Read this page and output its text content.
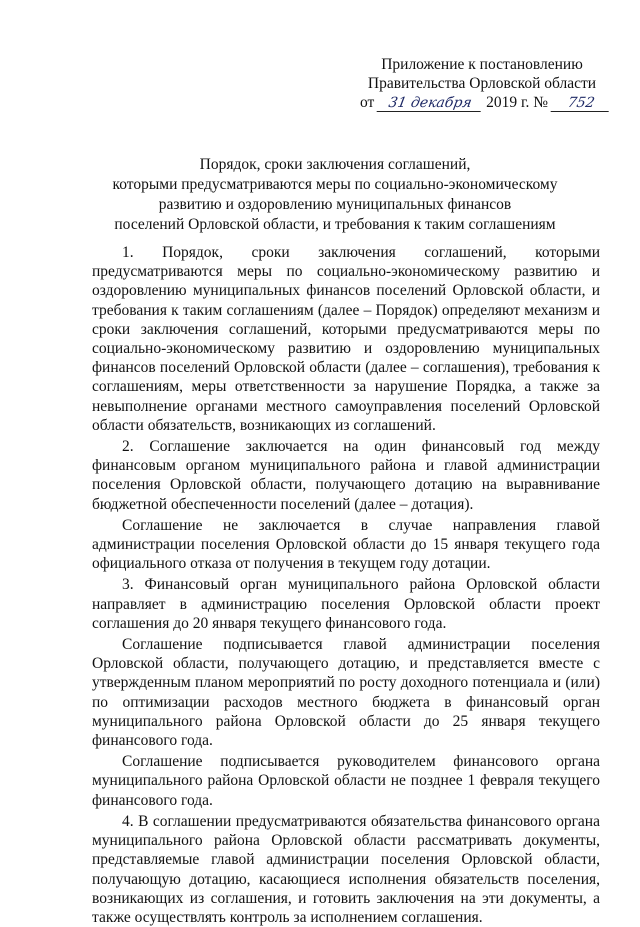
Приложение к постановлению
Правительства Орловской области
от 31 декабря 2019 г. № 752
Порядок, сроки заключения соглашений,
которыми предусматриваются меры по социально-экономическому
развитию и оздоровлению муниципальных финансов
поселений Орловской области, и требования к таким соглашениям

1. Порядок, сроки заключения соглашений, которыми предусматриваются меры по социально-экономическому развитию и оздоровлению муниципальных финансов поселений Орловской области, и требования к таким соглашениям (далее – Порядок) определяют механизм и сроки заключения соглашений, которыми предусматриваются меры по социально-экономическому развитию и оздоровлению муниципальных финансов поселений Орловской области (далее – соглашения), требования к соглашениям, меры ответственности за нарушение Порядка, а также за невыполнение органами местного самоуправления поселений Орловской области обязательств, возникающих из соглашений.

2. Соглашение заключается на один финансовый год между финансовым органом муниципального района и главой администрации поселения Орловской области, получающего дотацию на выравнивание бюджетной обеспеченности поселений (далее – дотация).

Соглашение не заключается в случае направления главой администрации поселения Орловской области до 15 января текущего года официального отказа от получения в текущем году дотации.

3. Финансовый орган муниципального района Орловской области направляет в администрацию поселения Орловской области проект соглашения до 20 января текущего финансового года.

Соглашение подписывается главой администрации поселения Орловской области, получающего дотацию, и представляется вместе с утвержденным планом мероприятий по росту доходного потенциала и (или) по оптимизации расходов местного бюджета в финансовый орган муниципального района Орловской области до 25 января текущего финансового года.

Соглашение подписывается руководителем финансового органа муниципального района Орловской области не позднее 1 февраля текущего финансового года.

4. В соглашении предусматриваются обязательства финансового органа муниципального района Орловской области рассматривать документы, представляемые главой администрации поселения Орловской области, получающую дотацию, касающиеся исполнения обязательств поселения, возникающих из соглашения, и готовить заключения на эти документы, а также осуществлять контроль за исполнением соглашения.
